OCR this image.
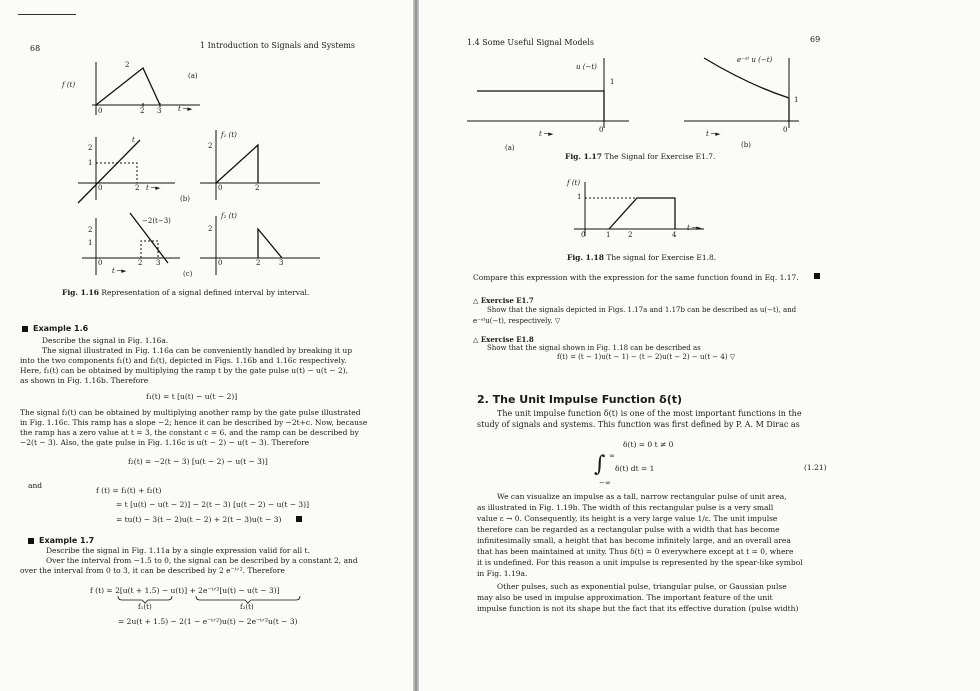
68	1 Introduction to Signals and Systems
f (t)
2
0	2 3 t ─►
(a)
2
1
t
0	2 t ─►
(b)
f₁ (t)
2
0	2
2
1
−2(t−3)
0	2 3
t ─►	(c)
f₂ (t)
2
0	2	3
Fig. 1.16 Representation of a signal defined interval by interval.
Example 1.6
Describe the signal in Fig. 1.16a.
The signal illustrated in Fig. 1.16a can be conveniently handled by breaking it up
into the two components f₁(t) and f₂(t), depicted in Figs. 1.16b and 1.16c respectively.
Here, f₁(t) can be obtained by multiplying the ramp t by the gate pulse u(t) − u(t − 2),
as shown in Fig. 1.16b. Therefore
f₁(t) = t [u(t) − u(t − 2)]
The signal f₂(t) can be obtained by multiplying another ramp by the gate pulse illustrated
in Fig. 1.16c. This ramp has a slope −2; hence it can be described by −2t+c. Now, because
the ramp has a zero value at t = 3, the constant c = 6, and the ramp can be described by
−2(t − 3). Also, the gate pulse in Fig. 1.16c is u(t − 2) − u(t − 3). Therefore
f₂(t) = −2(t − 3) [u(t − 2) − u(t − 3)]
and
f (t) = f₁(t) + f₂(t)
= t [u(t) − u(t − 2)] − 2(t − 3) [u(t − 2) − u(t − 3)]
= tu(t) − 3(t − 2)u(t − 2) + 2(t − 3)u(t − 3)
Example 1.7
Describe the signal in Fig. 1.11a by a single expression valid for all t.
Over the interval from −1.5 to 0, the signal can be described by a constant 2, and
over the interval from 0 to 3, it can be described by 2 e⁻ᵗᐟ². Therefore
f (t) = 2[u(t + 1.5) − u(t)] + 2e⁻ᵗᐟ²[u(t) − u(t − 3)]
f₁(t)	f₂(t)
= 2u(t + 1.5) − 2(1 − e⁻ᵗᐟ²)u(t) − 2e⁻ᵗᐟ²u(t − 3)
1.4 Some Useful Signal Models	69
u (−t)
1
0
t ─►
(a)
e⁻ᵃᵗ u (−t)
1
0
t ─►
(b)
Fig. 1.17 The Signal for Exercise E1.7.
f (t)
1
0	1	2	4
t ─►
Fig. 1.18 The signal for Exercise E1.8.
Compare this expression with the expression for the same function found in Eq. 1.17.
△ Exercise E1.7
Show that the signals depicted in Figs. 1.17a and 1.17b can be described as u(−t), and
e⁻ᵃᵗu(−t), respectively. ▽
△ Exercise E1.8
Show that the signal shown in Fig. 1.18 can be described as
f(t) = (t − 1)u(t − 1) − (t − 2)u(t − 2) − u(t − 4) ▽
2. The Unit Impulse Function δ(t)
The unit impulse function δ(t) is one of the most important functions in the
study of signals and systems. This function was first defined by P. A. M Dirac as
δ(t) = 0 t ≠ 0
∫ ∞
−∞
δ(t) dt = 1	(1.21)
We can visualize an impulse as a tall, narrow rectangular pulse of unit area,
as illustrated in Fig. 1.19b. The width of this rectangular pulse is a very small
value ε → 0. Consequently, its height is a very large value 1/ε. The unit impulse
therefore can be regarded as a rectangular pulse with a width that has become
infinitesimally small, a height that has become infinitely large, and an overall area
that has been maintained at unity. Thus δ(t) = 0 everywhere except at t = 0, where
it is undefined. For this reason a unit impulse is represented by the spear-like symbol
in Fig. 1.19a.
Other pulses, such as exponential pulse, triangular pulse, or Gaussian pulse
may also be used in impulse approximation. The important feature of the unit
impulse function is not its shape but the fact that its effective duration (pulse width)
